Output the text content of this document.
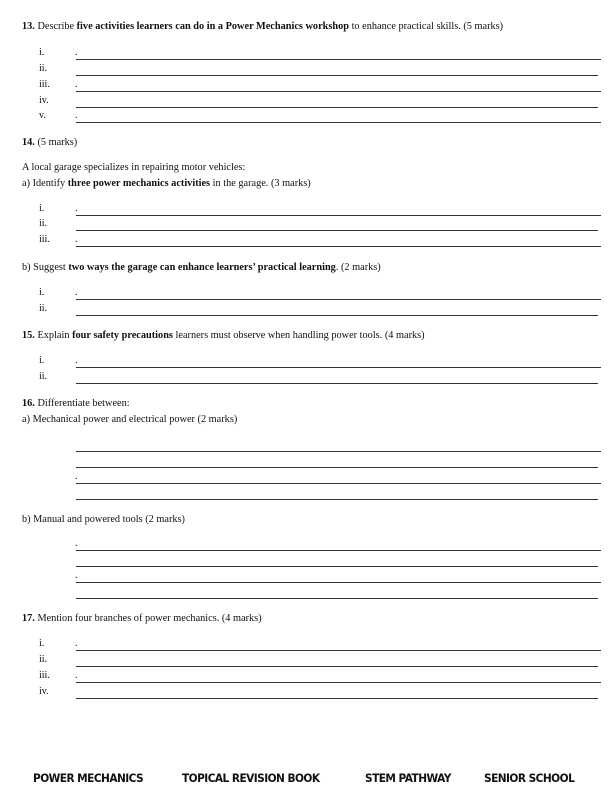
13. Describe five activities learners can do in a Power Mechanics workshop to enhance practical skills. (5 marks)
i.	.
ii.
iii.	.
iv.
v.	.
14. (5 marks)
A local garage specializes in repairing motor vehicles:
a) Identify three power mechanics activities in the garage. (3 marks)
i.	.
ii.
iii.	.
b) Suggest two ways the garage can enhance learners’ practical learning. (2 marks)
i.	.
ii.
15. Explain four safety precautions learners must observe when handling power tools. (4 marks)
i.	.
ii.
16. Differentiate between:
a) Mechanical power and electrical power (2 marks)
.
b) Manual and powered tools (2 marks)
.
.
17. Mention four branches of power mechanics. (4 marks)
i.	.
ii.
iii.	.
iv.
POWER MECHANICS	TOPICAL REVISION BOOK	STEM PATHWAY	SENIOR SCHOOL
